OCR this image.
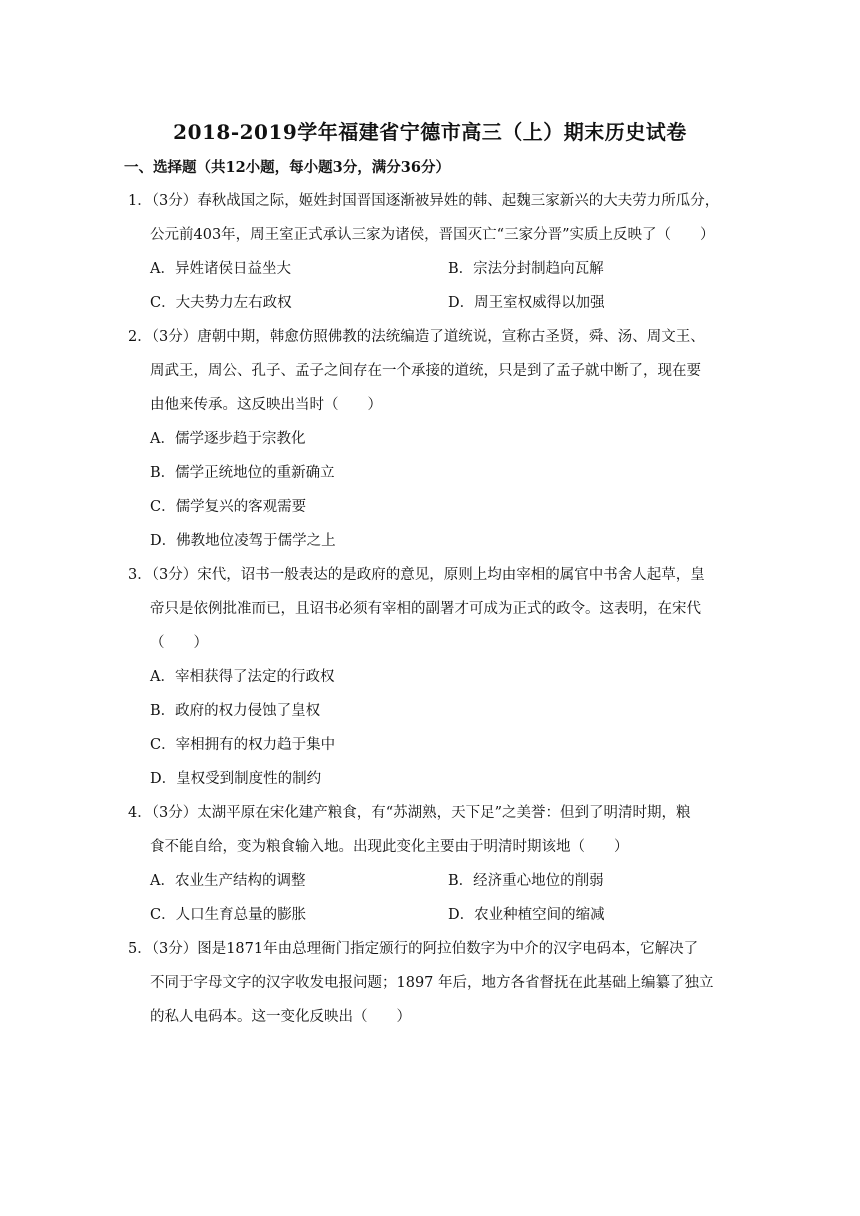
2018-2019学年福建省宁德市高三（上）期末历史试卷
一、选择题（共12小题，每小题3分，满分36分）
1．（3分）春秋战国之际，姬姓封国晋国逐渐被异姓的韩、起魏三家新兴的大夫劳力所瓜分，
公元前403年，周王室正式承认三家为诸侯，晋国灭亡“三家分晋”实质上反映了（　　）
A．异姓诸侯日益坐大	B．宗法分封制趋向瓦解
C．大夫势力左右政权	D．周王室权威得以加强
2．（3分）唐朝中期，韩愈仿照佛教的法统编造了道统说，宣称古圣贤，舜、汤、周文王、
周武王，周公、孔子、孟子之间存在一个承接的道统，只是到了孟子就中断了，现在要
由他来传承。这反映出当时（　　）
A．儒学逐步趋于宗教化
B．儒学正统地位的重新确立
C．儒学复兴的客观需要
D．佛教地位凌驾于儒学之上
3．（3分）宋代，诏书一般表达的是政府的意见，原则上均由宰相的属官中书舍人起草，皇
帝只是依例批准而已，且诏书必须有宰相的副署才可成为正式的政令。这表明，在宋代
（　　）
A．宰相获得了法定的行政权
B．政府的权力侵蚀了皇权
C．宰相拥有的权力趋于集中
D．皇权受到制度性的制约
4．（3分）太湖平原在宋化建产粮食，有“苏湖熟，天下足”之美誉：但到了明清时期，粮
食不能自给，变为粮食输入地。出现此变化主要由于明清时期该地（　　）
A．农业生产结构的调整	B．经济重心地位的削弱
C．人口生育总量的膨胀	D．农业种植空间的缩减
5．（3分）图是1871年由总理衙门指定颁行的阿拉伯数字为中介的汉字电码本，它解决了
不同于字母文字的汉字收发电报问题；1897 年后，地方各省督抚在此基础上编纂了独立
的私人电码本。这一变化反映出（　　）
